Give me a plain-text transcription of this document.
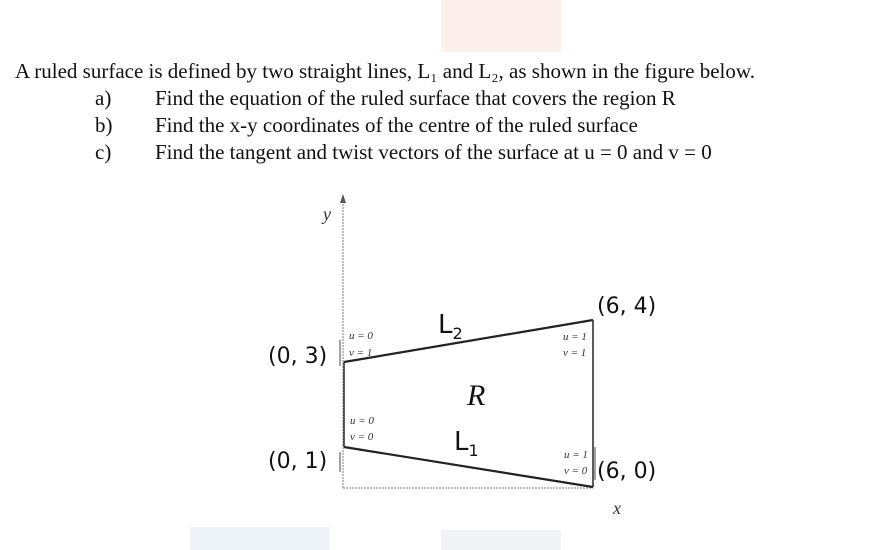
A ruled surface is defined by two straight lines, L₁ and L₂, as shown in the figure below.
a) Find the equation of the ruled surface that covers the region R
b) Find the x-y coordinates of the centre of the ruled surface
c) Find the tangent and twist vectors of the surface at u = 0 and v = 0
y
x
(0, 3)
(0, 1)
(6, 4)
(6, 0)
$L_2$
$L_1$
R
u = 0
v = 1
u = 0
v = 0
u = 1
v = 1
u = 1
v = 0
